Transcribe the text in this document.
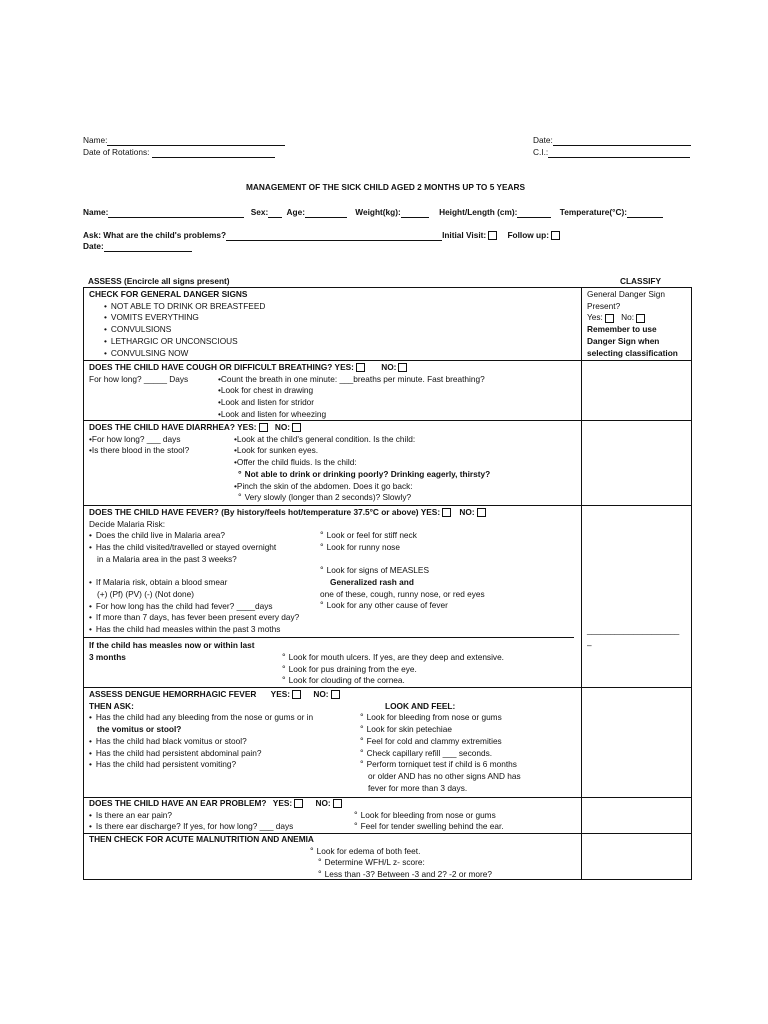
Name:
Date of Rotations:
Date:
C.I.:
MANAGEMENT OF THE SICK CHILD AGED 2 MONTHS UP TO 5 YEARS
Name:	Sex: Age:	Weight(kg):	Height/Length (cm):	Temperature(°C):
Ask: What are the child's problems?	Initial Visit:	Follow up:
Date:
ASSESS (Encircle all signs present)	CLASSIFY

CHECK FOR GENERAL DANGER SIGNS

• NOT ABLE TO DRINK OR BREASTFEED

• VOMITS EVERYTHING

• CONVULSIONS

• LETHARGIC OR UNCONSCIOUS

• CONVULSING NOW

General Danger Sign

Present?

Yes: No:

Remember to use

Danger Sign when

selecting classification

DOES THE CHILD HAVE COUGH OR DIFFICULT BREATHING? YES:	NO:

For how long? _____ Days	•Count the breath in one minute: ___breaths per minute. Fast breathing?

•Look for chest in drawing

•Look and listen for stridor

•Look and listen for wheezing

DOES THE CHILD HAVE DIARRHEA? YES: NO:

•For how long? ___ days

•Is there blood in the stool?

•Look at the child's general condition. Is the child:

•Look for sunken eyes.

•Offer the child fluids. Is the child:

° Not able to drink or drinking poorly? Drinking eagerly, thirsty?

•Pinch the skin of the abdomen. Does it go back:

° Very slowly (longer than 2 seconds)? Slowly?

DOES THE CHILD HAVE FEVER? (By history/feels hot/temperature 37.5°C or above) YES: NO:

Decide Malaria Risk:

• Does the child live in Malaria area?

• Has the child visited/travelled or stayed overnight

in a Malaria area in the past 3 weeks?

• If Malaria risk, obtain a blood smear

(+) (Pf) (PV) (-) (Not done)

• For how long has the child had fever? ____days

• If more than 7 days, has fever been present every day?

• Has the child had measles within the past 3 moths

° Look or feel for stiff neck

° Look for runny nose

° Look for signs of MEASLES

Generalized rash and

one of these, cough, runny nose, or red eyes

° Look for any other cause of fever

If the child has measles now or within last

3 months

°	Look for mouth ulcers. If yes, are they deep and extensive.

° Look for pus draining from the eye.

° Look for clouding of the cornea.

____________________
–

ASSESS DENGUE HEMORRHAGIC FEVER YES:	NO:

THEN ASK:

• Has the child had any bleeding from the nose or gums or in

the vomitus or stool?

• Has the child had black vomitus or stool?

• Has the child had persistent abdominal pain?

• Has the child had persistent vomiting?

LOOK AND FEEL:

° Look for bleeding from nose or gums

° Look for skin petechiae

° Feel for cold and clammy extremities

° Check capillary refill ___ seconds.

° Perform torniquet test if child is 6 months

or older AND has no other signs AND has

fever for more than 3 days.

DOES THE CHILD HAVE AN EAR PROBLEM? YES:	NO:

• Is there an ear pain?

• Is there ear discharge? If yes, for how long? ___ days

° Look for bleeding from nose or gums

° Feel for tender swelling behind the ear.

THEN CHECK FOR ACUTE MALNUTRITION AND ANEMIA

° Look for edema of both feet.

° Determine WFH/L z- score:

° Less than -3? Between -3 and 2? -2 or more?
